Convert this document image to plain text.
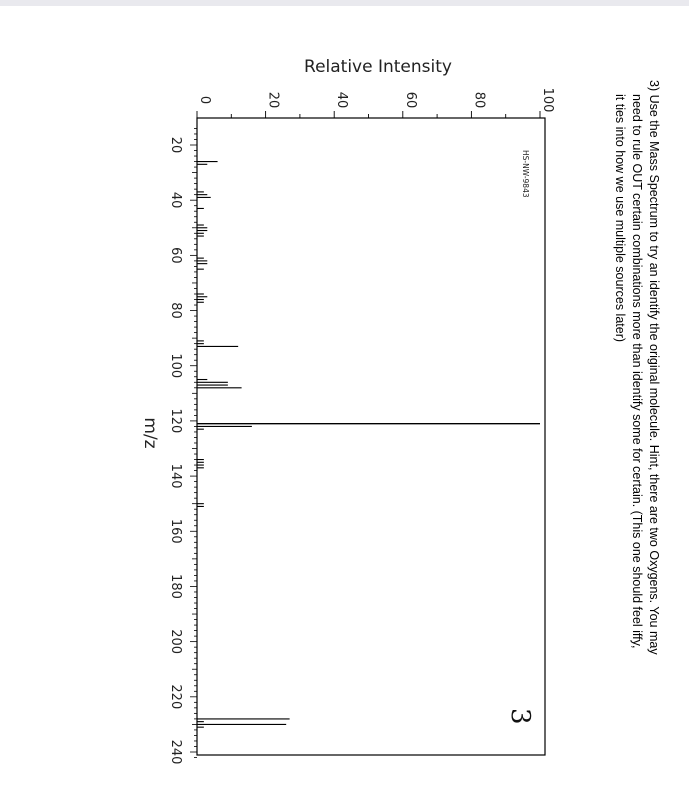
3) Use the Mass Spectrum to try an identify the original molecule. Hint, there are two Oxygens. You may
need to rule OUT certain combinations more than identify some for certain. (This one should feel iffy,
it ties into how we use multiple sources later)
3
20
40
60
80
100
120
140
160
180
200
220
240
0	20	40	60	80	100
Relative Intensity
m/z
HS-NW-9843
